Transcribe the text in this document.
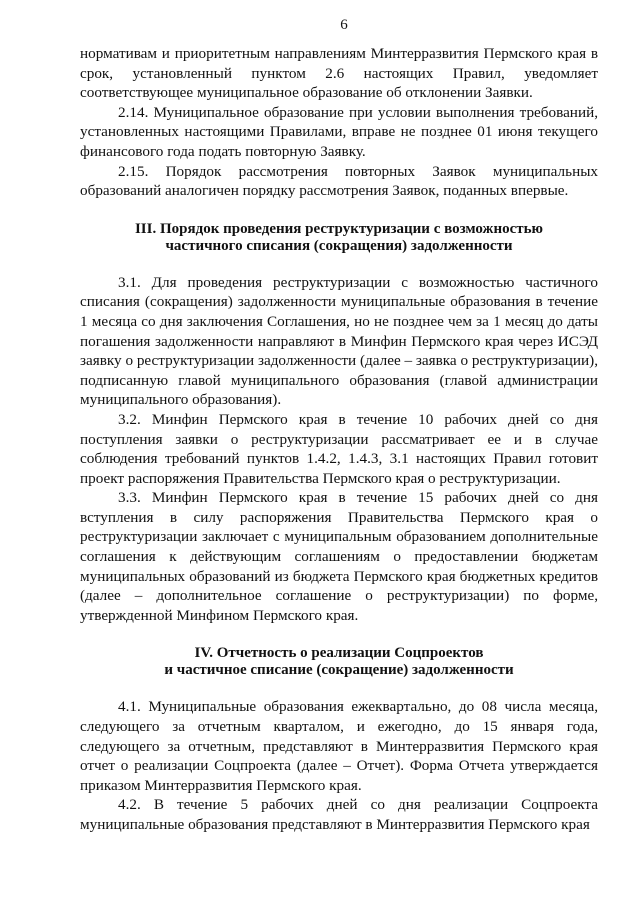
6

нормативам и приоритетным направлениям Минтерразвития Пермского края в срок, установленный пунктом 2.6 настоящих Правил, уведомляет соответствующее муниципальное образование об отклонении Заявки.

2.14. Муниципальное образование при условии выполнения требований, установленных настоящими Правилами, вправе не позднее 01 июня текущего финансового года подать повторную Заявку.

2.15. Порядок рассмотрения повторных Заявок муниципальных образований аналогичен порядку рассмотрения Заявок, поданных впервые.

III. Порядок проведения реструктуризации с возможностью
частичного списания (сокращения) задолженности

3.1. Для проведения реструктуризации с возможностью частичного списания (сокращения) задолженности муниципальные образования в течение 1 месяца со дня заключения Соглашения, но не позднее чем за 1 месяц до даты погашения задолженности направляют в Минфин Пермского края через ИСЭД заявку о реструктуризации задолженности (далее – заявка о реструктуризации), подписанную главой муниципального образования (главой администрации муниципального образования).

3.2. Минфин Пермского края в течение 10 рабочих дней со дня поступления заявки о реструктуризации рассматривает ее и в случае соблюдения требований пунктов 1.4.2, 1.4.3, 3.1 настоящих Правил готовит проект распоряжения Правительства Пермского края о реструктуризации.

3.3. Минфин Пермского края в течение 15 рабочих дней со дня вступления в силу распоряжения Правительства Пермского края о реструктуризации заключает с муниципальным образованием дополнительные соглашения к действующим соглашениям о предоставлении бюджетам муниципальных образований из бюджета Пермского края бюджетных кредитов (далее – дополнительное соглашение о реструктуризации) по форме, утвержденной Минфином Пермского края.

IV. Отчетность о реализации Соцпроектов
и частичное списание (сокращение) задолженности

4.1. Муниципальные образования ежеквартально, до 08 числа месяца, следующего за отчетным кварталом, и ежегодно, до 15 января года, следующего за отчетным, представляют в Минтерразвития Пермского края отчет о реализации Соцпроекта (далее – Отчет). Форма Отчета утверждается приказом Минтерразвития Пермского края.

4.2. В течение 5 рабочих дней со дня реализации Соцпроекта муниципальные образования представляют в Минтерразвития Пермского края
